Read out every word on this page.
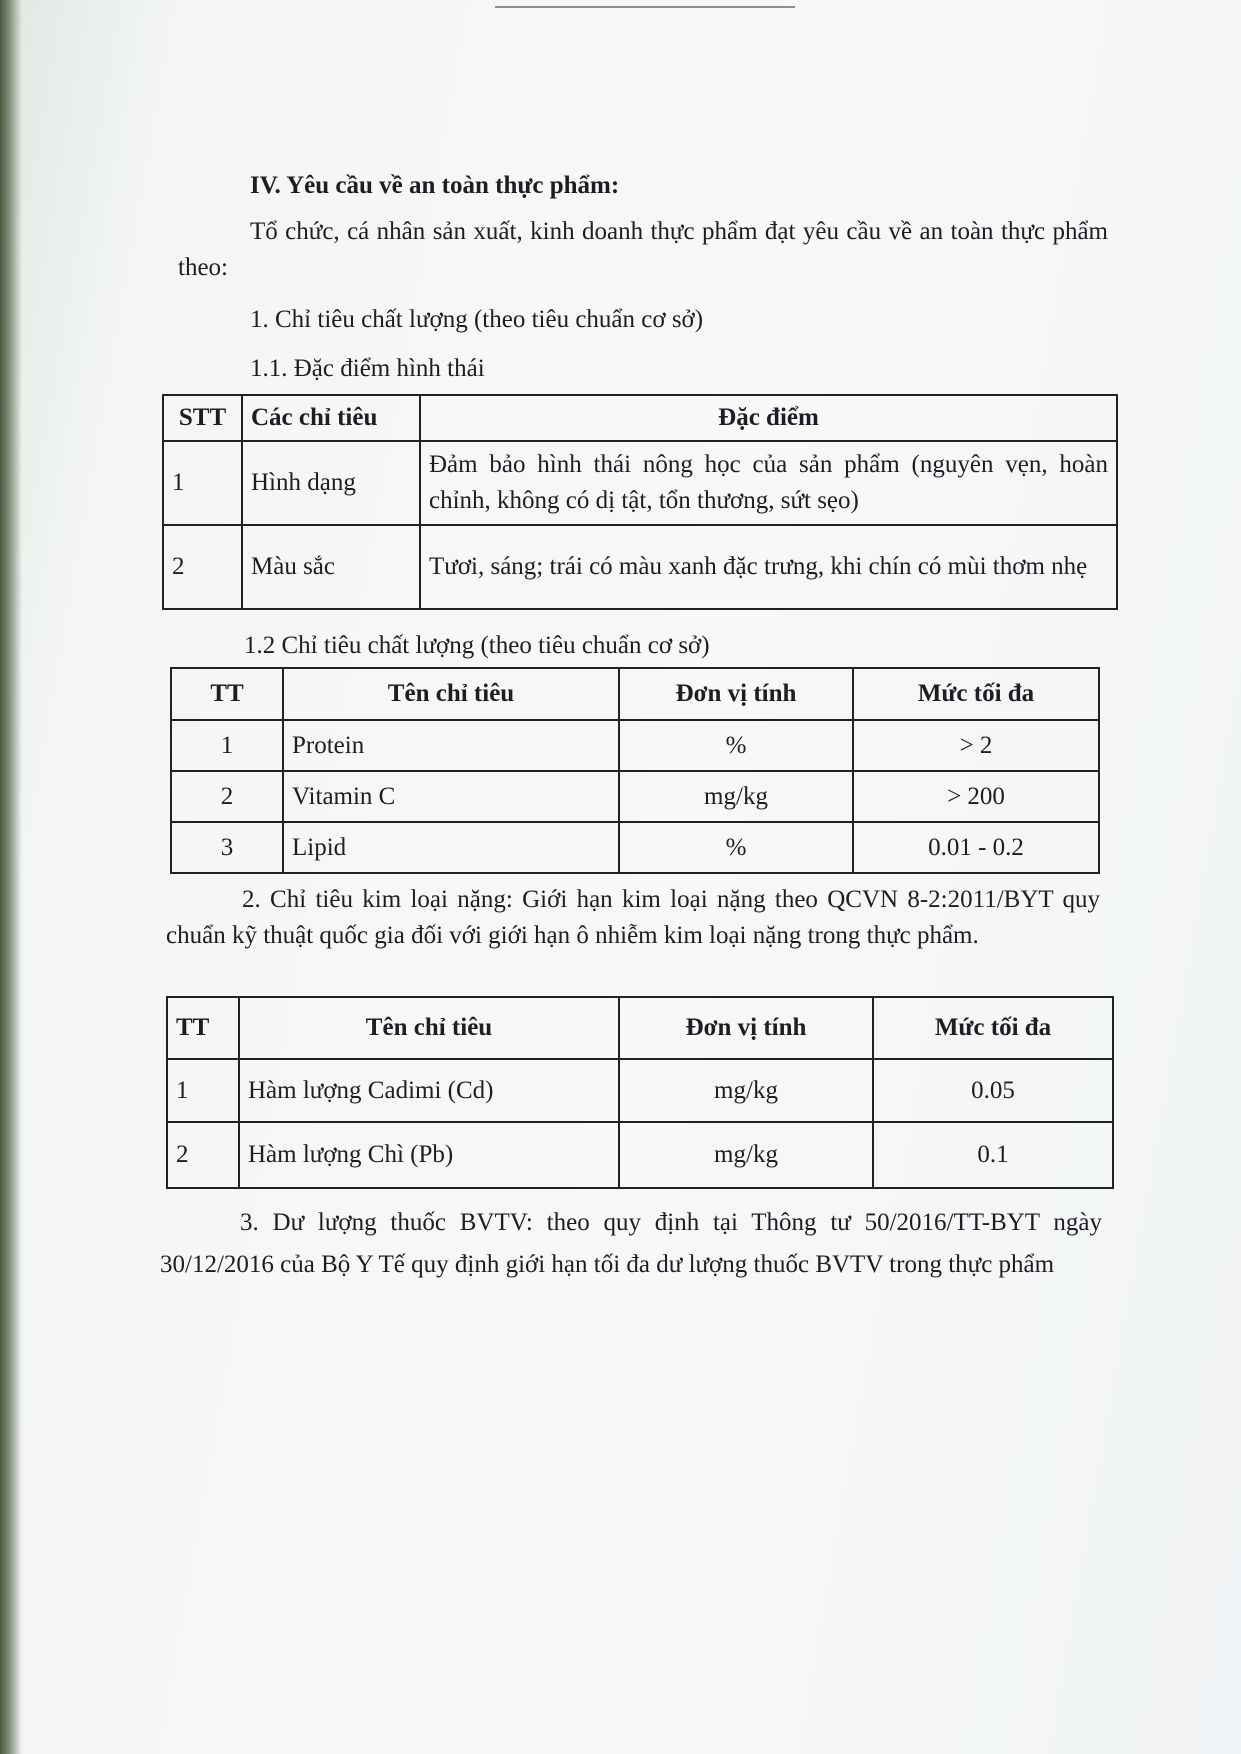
IV. Yêu cầu về an toàn thực phẩm:

Tổ chức, cá nhân sản xuất, kinh doanh thực phẩm đạt yêu cầu về an toàn thực phẩm theo:

1. Chỉ tiêu chất lượng (theo tiêu chuẩn cơ sở)

1.1. Đặc điểm hình thái

STT	Các chỉ tiêu	Đặc điểm
1	Hình dạng	Đảm bảo hình thái nông học của sản phẩm (nguyên vẹn, hoàn chỉnh, không có dị tật, tổn thương, sứt sẹo)
2	Màu sắc	Tươi, sáng; trái có màu xanh đặc trưng, khi chín có mùi thơm nhẹ

1.2 Chỉ tiêu chất lượng (theo tiêu chuẩn cơ sở)

TT	Tên chỉ tiêu	Đơn vị tính	Mức tối đa
1	Protein	%	> 2
2	Vitamin C	mg/kg	> 200
3	Lipid	%	0.01 - 0.2

2. Chỉ tiêu kim loại nặng: Giới hạn kim loại nặng theo QCVN 8-2:2011/BYT quy chuẩn kỹ thuật quốc gia đối với giới hạn ô nhiễm kim loại nặng trong thực phẩm.

TT	Tên chỉ tiêu	Đơn vị tính	Mức tối đa
1	Hàm lượng Cadimi (Cd)	mg/kg	0.05
2	Hàm lượng Chì (Pb)	mg/kg	0.1

3. Dư lượng thuốc BVTV: theo quy định tại Thông tư 50/2016/TT-BYT ngày 30/12/2016 của Bộ Y Tế quy định giới hạn tối đa dư lượng thuốc BVTV trong thực phẩm
